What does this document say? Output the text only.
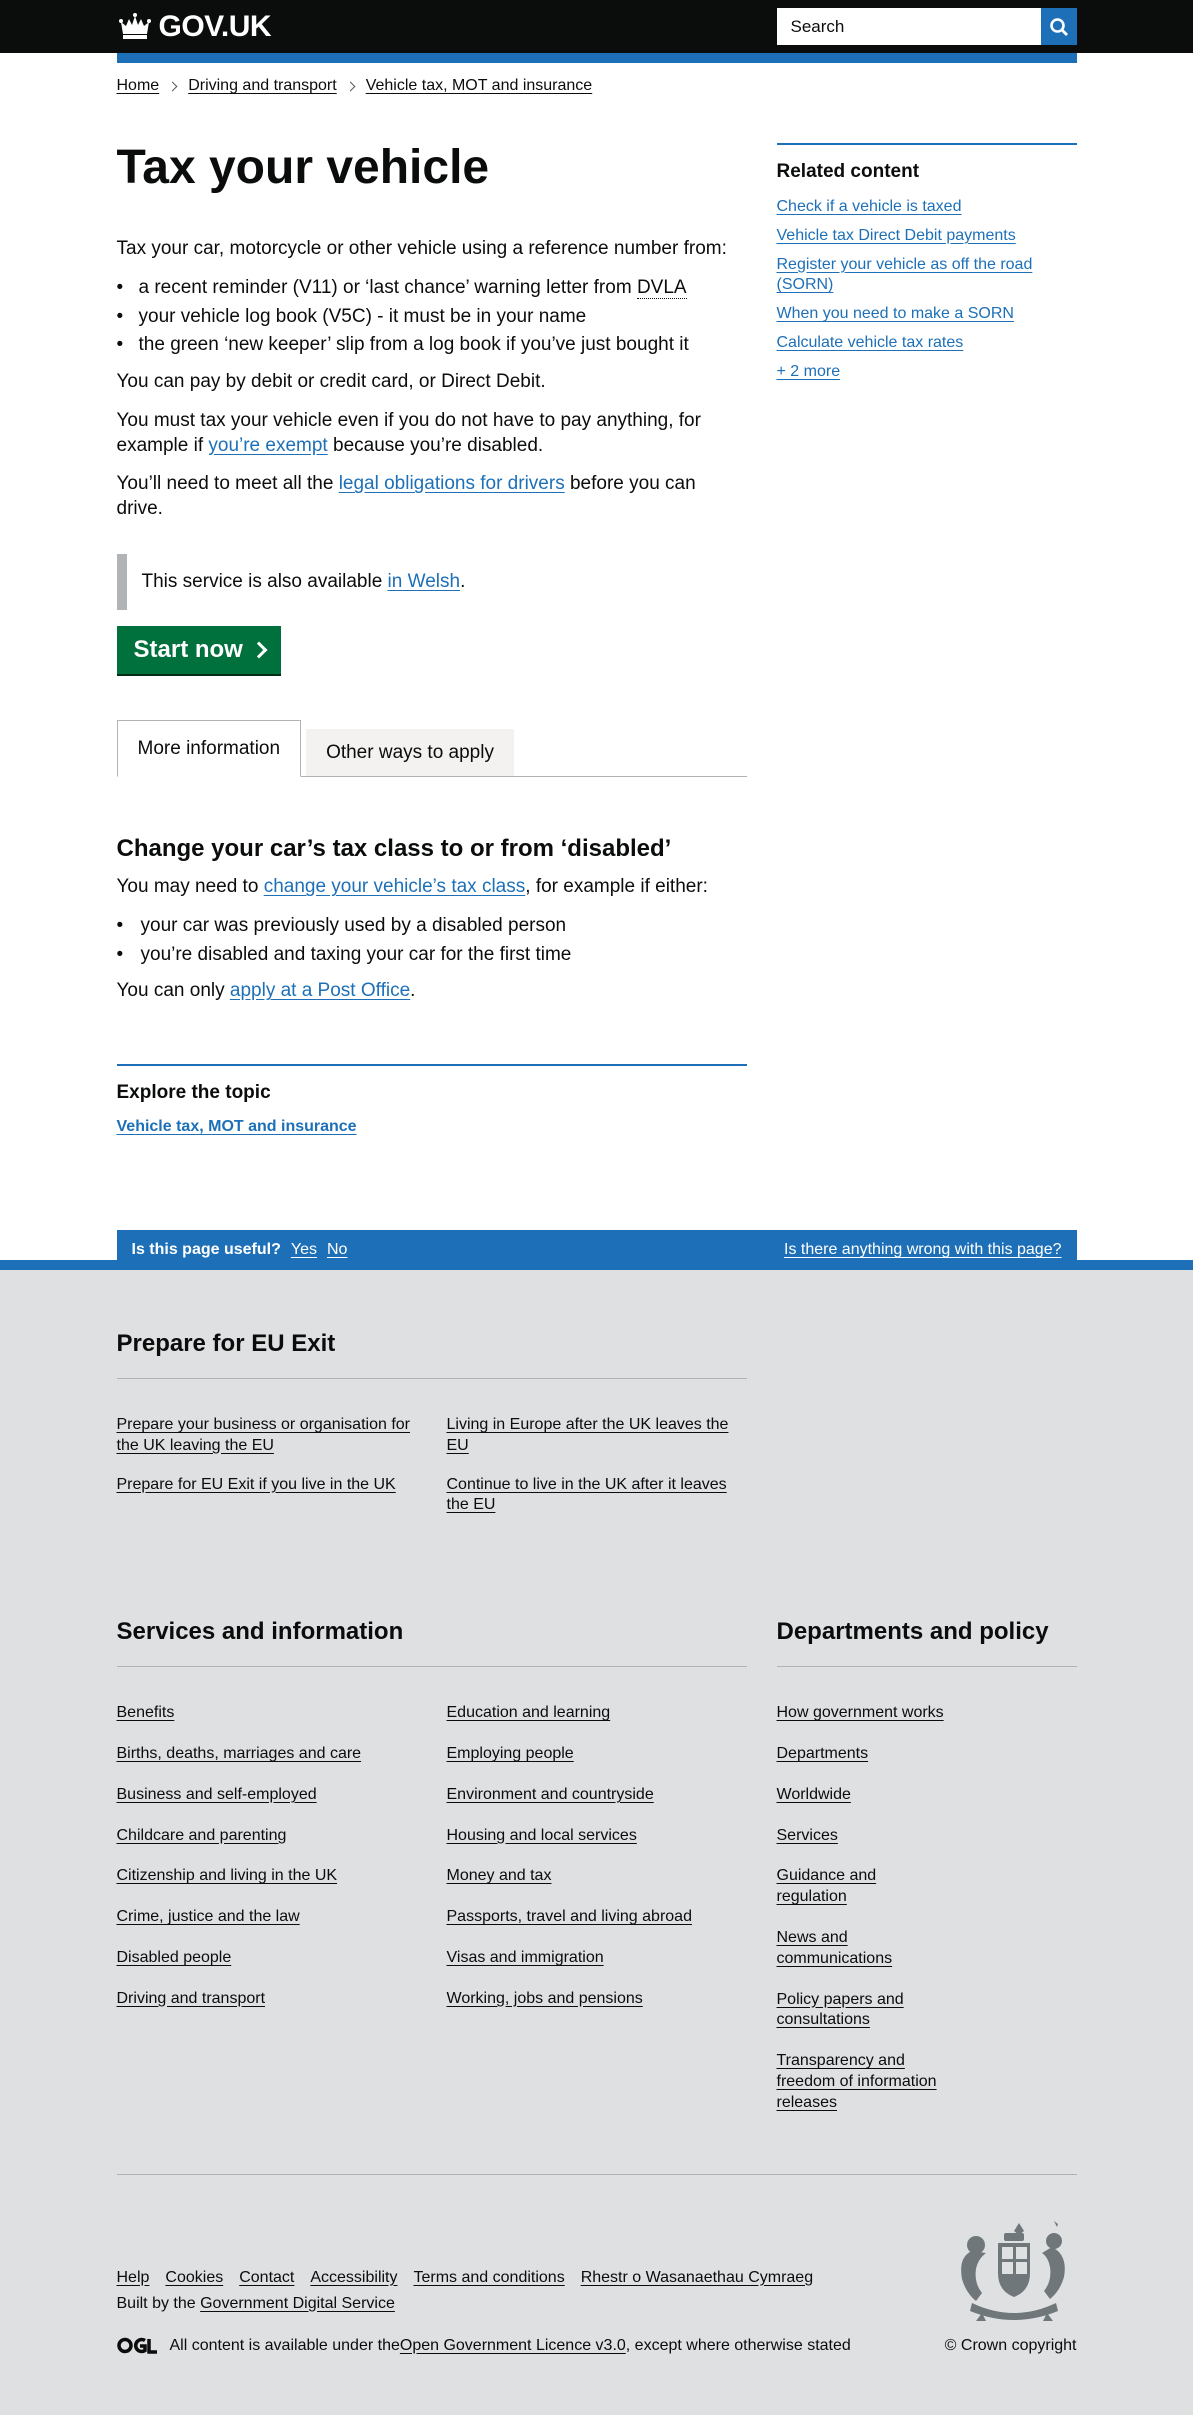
GOV.UK
Search
Home Driving and transport Vehicle tax, MOT and insurance
Tax your vehicle

Tax your car, motorcycle or other vehicle using a reference number from:

• a recent reminder (V11) or ‘last chance’ warning letter from DVLA
• your vehicle log book (V5C) - it must be in your name
• the green ‘new keeper’ slip from a log book if you’ve just bought it

You can pay by debit or credit card, or Direct Debit.

You must tax your vehicle even if you do not have to pay anything, for example if you’re exempt because you’re disabled.

You’ll need to meet all the legal obligations for drivers before you can drive.

This service is also available in Welsh.
Start now
More information	Other ways to apply
Change your car’s tax class to or from ‘disabled’

You may need to change your vehicle’s tax class, for example if either:

• your car was previously used by a disabled person
• you’re disabled and taxing your car for the first time

You can only apply at a Post Office.

Explore the topic
Vehicle tax, MOT and insurance
Related content
Check if a vehicle is taxed
Vehicle tax Direct Debit payments
Register your vehicle as off the road (SORN)
When you need to make a SORN
Calculate vehicle tax rates
+ 2 more
Is this page useful? Yes No	Is there anything wrong with this page?
Prepare for EU Exit
Prepare your business or organisation for the UK leaving the EU
Living in Europe after the UK leaves the EU
Prepare for EU Exit if you live in the UK	Continue to live in the UK after it leaves the EU
Services and information
Benefits	Education and learning
Births, deaths, marriages and care	Employing people
Business and self-employed	Environment and countryside
Childcare and parenting	Housing and local services
Citizenship and living in the UK	Money and tax
Crime, justice and the law	Passports, travel and living abroad
Disabled people	Visas and immigration
Driving and transport	Working, jobs and pensions
Departments and policy
How government works
Departments
Worldwide
Services
Guidance and regulation
News and communications
Policy papers and consultations
Transparency and freedom of information releases
Help Cookies Contact Accessibility Terms and conditions Rhestr o Wasanaethau Cymraeg
Built by the Government Digital Service
All content is available under the Open Government Licence v3.0 , except where otherwise stated	© Crown copyright
